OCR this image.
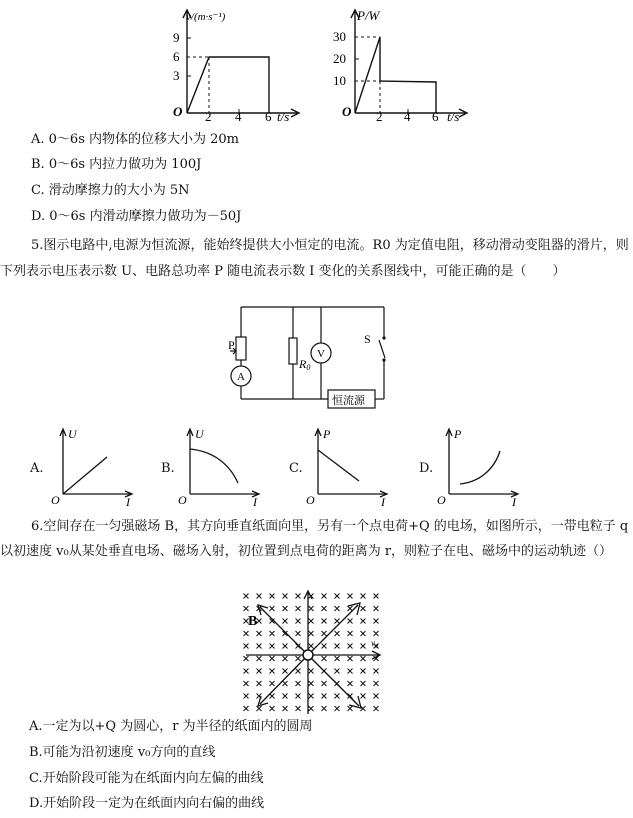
v/(m·s⁻¹)
9
6
3
O 2 4 6 t/s
P/W
30
20
10
O 2 4 6 t/s
A. 0～6s 内物体的位移大小为 20m
B. 0～6s 内拉力做功为 100J
C. 滑动摩擦力的大小为 5N
D. 0～6s 内滑动摩擦力做功为－50J
5.图示电路中,电源为恒流源，能始终提供大小恒定的电流。R0 为定值电阻，移动滑动变阻器的滑片，则下列表示电压表示数 U、电路总功率 P 随电流表示数 I 变化的关系图线中，可能正确的是（　　）
P
A
R0
V
S
恒流源
A.
U
O	I
B.
U
O	I
C.
P
O	I
D.
P
O	I
6.空间存在一匀强磁场 B，其方向垂直纸面向里，另有一个点电荷+Q 的电场，如图所示，一带电粒子 q以初速度 v₀从某处垂直电场、磁场入射，初位置到点电荷的距离为 r，则粒子在电、磁场中的运动轨迹（）
B
$v_0$
A.一定为以+Q 为圆心，r 为半径的纸面内的圆周
B.可能为沿初速度 v₀方向的直线
C.开始阶段可能为在纸面内向左偏的曲线
D.开始阶段一定为在纸面内向右偏的曲线
